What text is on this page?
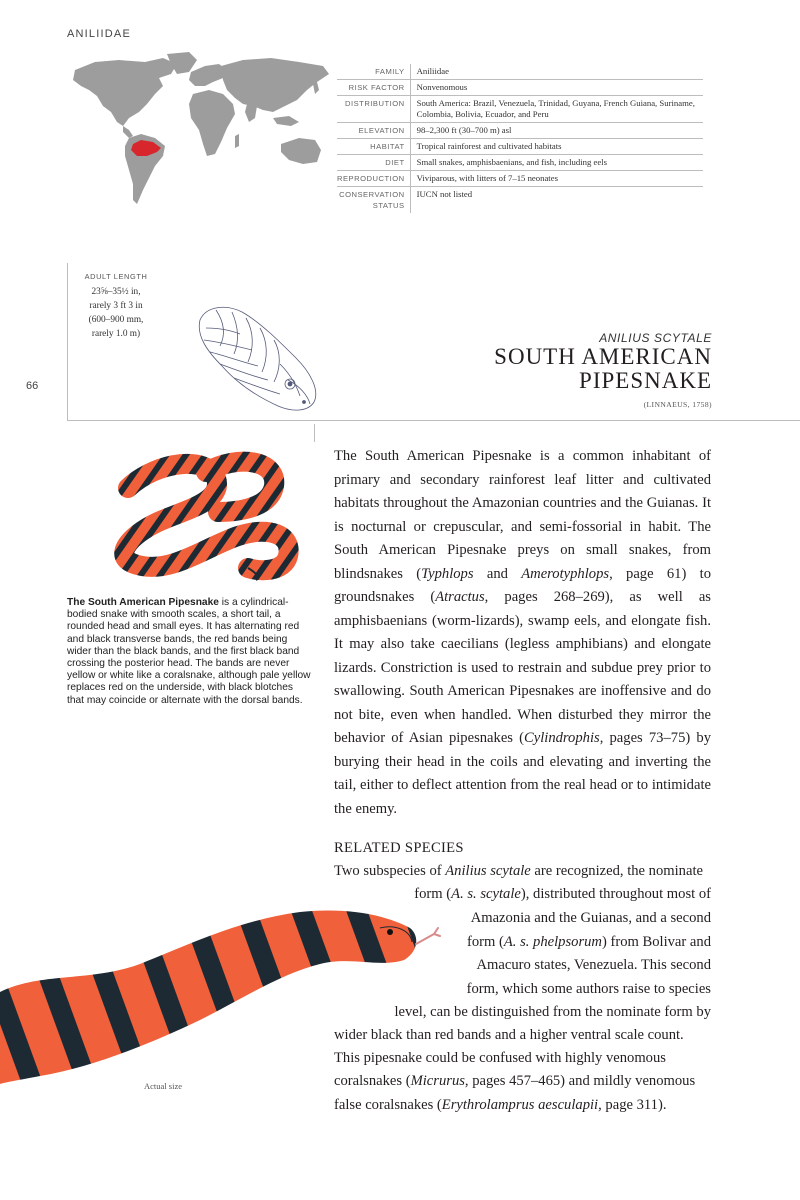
ANILIIDAE
FAMILY	Aniliidae
RISK FACTOR	Nonvenomous
DISTRIBUTION	South America: Brazil, Venezuela, Trinidad, Guyana, French Guiana, Suriname, Colombia, Bolivia, Ecuador, and Peru
ELEVATION	98–2,300 ft (30–700 m) asl
HABITAT	Tropical rainforest and cultivated habitats
DIET	Small snakes, amphisbaenians, and fish, including eels
REPRODUCTION	Viviparous, with litters of 7–15 neonates
CONSERVATION STATUS	IUCN not listed
ADULT LENGTH
23⅝–35½ in,
rarely 3 ft 3 in
(600–900 mm,
rarely 1.0 m)
66
ANILIUS SCYTALE
SOUTH AMERICAN
PIPESNAKE
(LINNAEUS, 1758)
The South American Pipesnake is a cylindrical-bodied snake with smooth scales, a short tail, a rounded head and small eyes. It has alternating red and black transverse bands, the red bands being wider than the black bands, and the first black band crossing the posterior head. The bands are never yellow or white like a coralsnake, although pale yellow replaces red on the underside, with black blotches that may coincide or alternate with the dorsal bands.

The South American Pipesnake is a common inhabitant of primary and secondary rainforest leaf litter and cultivated habitats throughout the Amazonian countries and the Guianas. It is nocturnal or crepuscular, and semi-fossorial in habit. The South American Pipesnake preys on small snakes, from blindsnakes (Typhlops and Amerotyphlops, page 61) to groundsnakes (Atractus, pages 268–269), as well as amphisbaenians (worm-lizards), swamp eels, and elongate fish. It may also take caecilians (legless amphibians) and elongate lizards. Constriction is used to restrain and subdue prey prior to swallowing. South American Pipesnakes are inoffensive and do not bite, even when handled. When disturbed they mirror the behavior of Asian pipesnakes (Cylindrophis, pages 73–75) by burying their head in the coils and elevating and inverting the tail, either to deflect attention from the real head or to intimidate the enemy.

RELATED SPECIES
Two subspecies of Anilius scytale are recognized, the nominate
form (A. s. scytale), distributed throughout most of
Amazonia and the Guianas, and a second
form (A. s. phelpsorum) from Bolivar and
Amacuro states, Venezuela. This second
form, which some authors raise to species
level, can be distinguished from the nominate form by
wider black than red bands and a higher ventral scale count.
This pipesnake could be confused with highly venomous
coralsnakes (Micrurus, pages 457–465) and mildly venomous
false coralsnakes (Erythrolamprus aesculapii, page 311).
Actual size
